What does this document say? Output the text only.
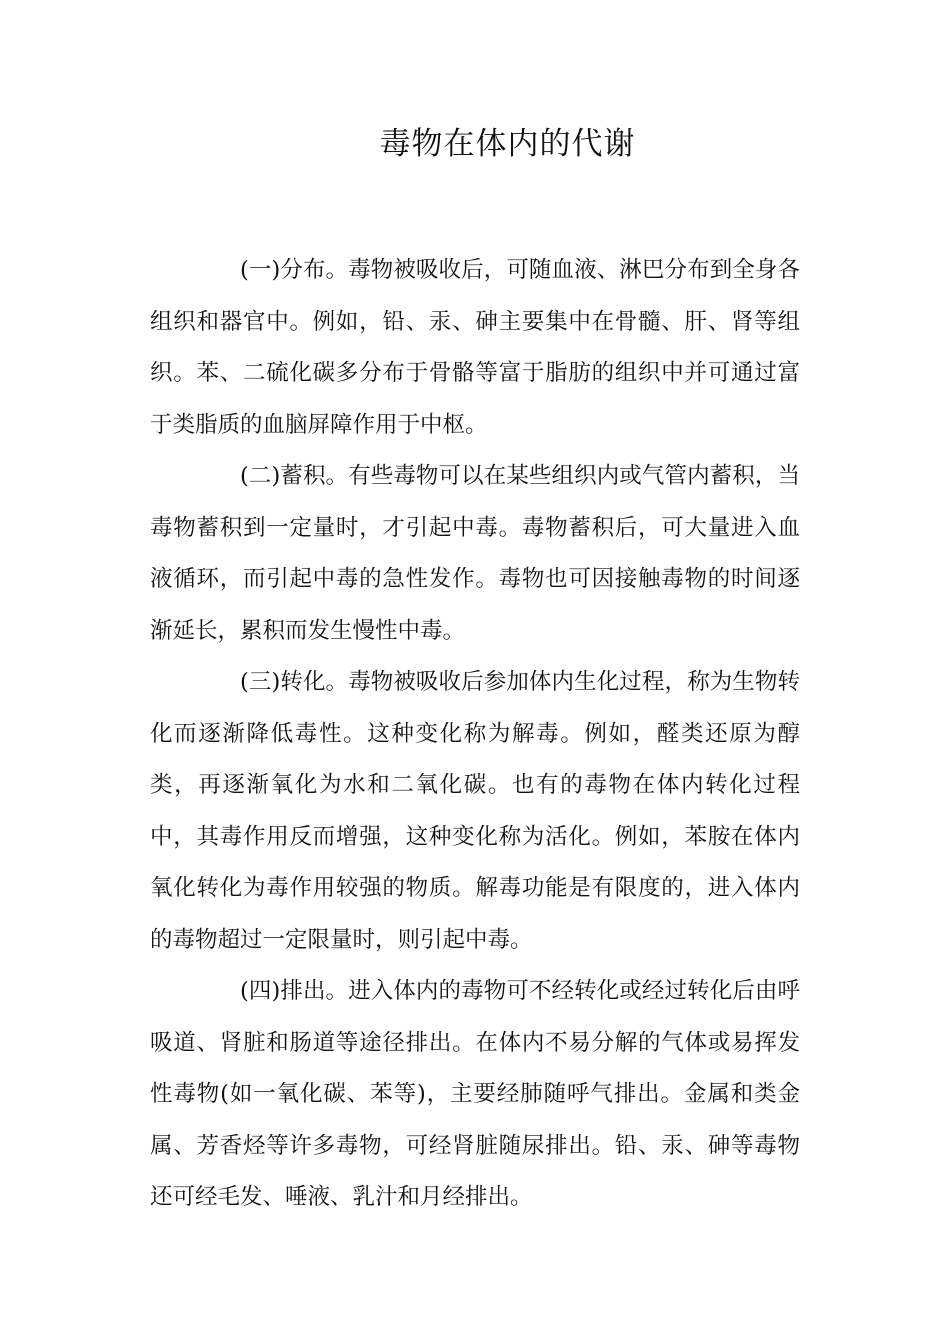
毒物在体内的代谢

(一)分布。毒物被吸收后，可随血液、淋巴分布到全身各组织和器官中。例如，铅、汞、砷主要集中在骨髓、肝、肾等组织。苯、二硫化碳多分布于骨骼等富于脂肪的组织中并可通过富于类脂质的血脑屏障作用于中枢。

(二)蓄积。有些毒物可以在某些组织内或气管内蓄积，当毒物蓄积到一定量时，才引起中毒。毒物蓄积后，可大量进入血液循环，而引起中毒的急性发作。毒物也可因接触毒物的时间逐渐延长，累积而发生慢性中毒。

(三)转化。毒物被吸收后参加体内生化过程，称为生物转化而逐渐降低毒性。这种变化称为解毒。例如，醛类还原为醇类，再逐渐氧化为水和二氧化碳。也有的毒物在体内转化过程中，其毒作用反而增强，这种变化称为活化。例如，苯胺在体内氧化转化为毒作用较强的物质。解毒功能是有限度的，进入体内的毒物超过一定限量时，则引起中毒。

(四)排出。进入体内的毒物可不经转化或经过转化后由呼吸道、肾脏和肠道等途径排出。在体内不易分解的气体或易挥发性毒物(如一氧化碳、苯等)，主要经肺随呼气排出。金属和类金属、芳香烃等许多毒物，可经肾脏随尿排出。铅、汞、砷等毒物还可经毛发、唾液、乳汁和月经排出。
